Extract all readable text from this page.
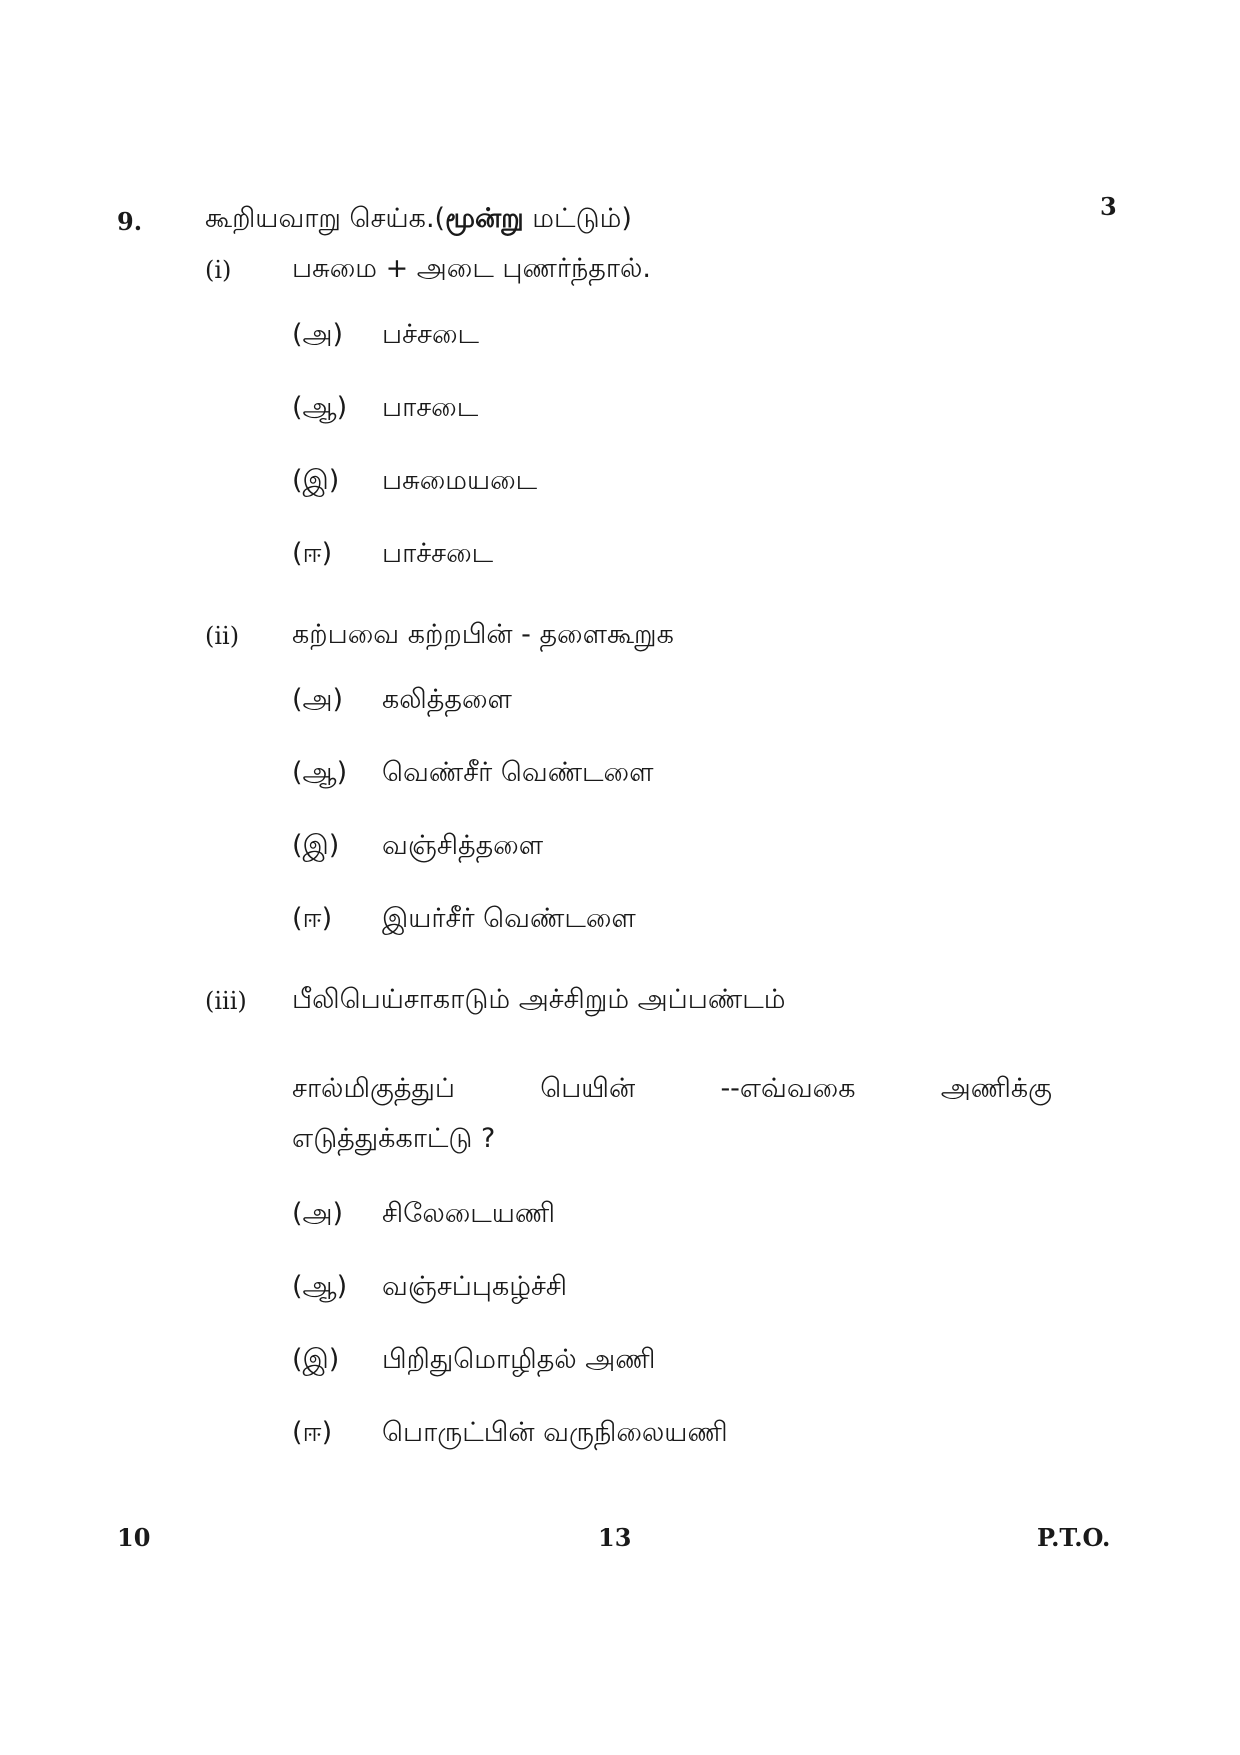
3
9. கூறியவாறு செய்க.(மூன்று மட்டும்)
(i) பசுமை + அடை புணர்ந்தால்.
(அ) பச்சடை
(ஆ) பாசடை
(இ) பசுமையடை
(ஈ) பாச்சடை
(ii) கற்பவை கற்றபின் - தளைகூறுக
(அ) கலித்தளை
(ஆ) வெண்சீர் வெண்டளை
(இ) வஞ்சித்தளை
(ஈ) இயர்சீர் வெண்டளை
(iii) பீலிபெய்சாகாடும் அச்சிறும் அப்பண்டம்
சால்மிகுத்துப்	பெயின்	--எவ்வகை	அணிக்கு
எடுத்துக்காட்டு ?
(அ) சிலேடையணி
(ஆ) வஞ்சப்புகழ்ச்சி
(இ) பிறிதுமொழிதல் அணி
(ஈ) பொருட்பின் வருநிலையணி
10	13	P.T.O.
